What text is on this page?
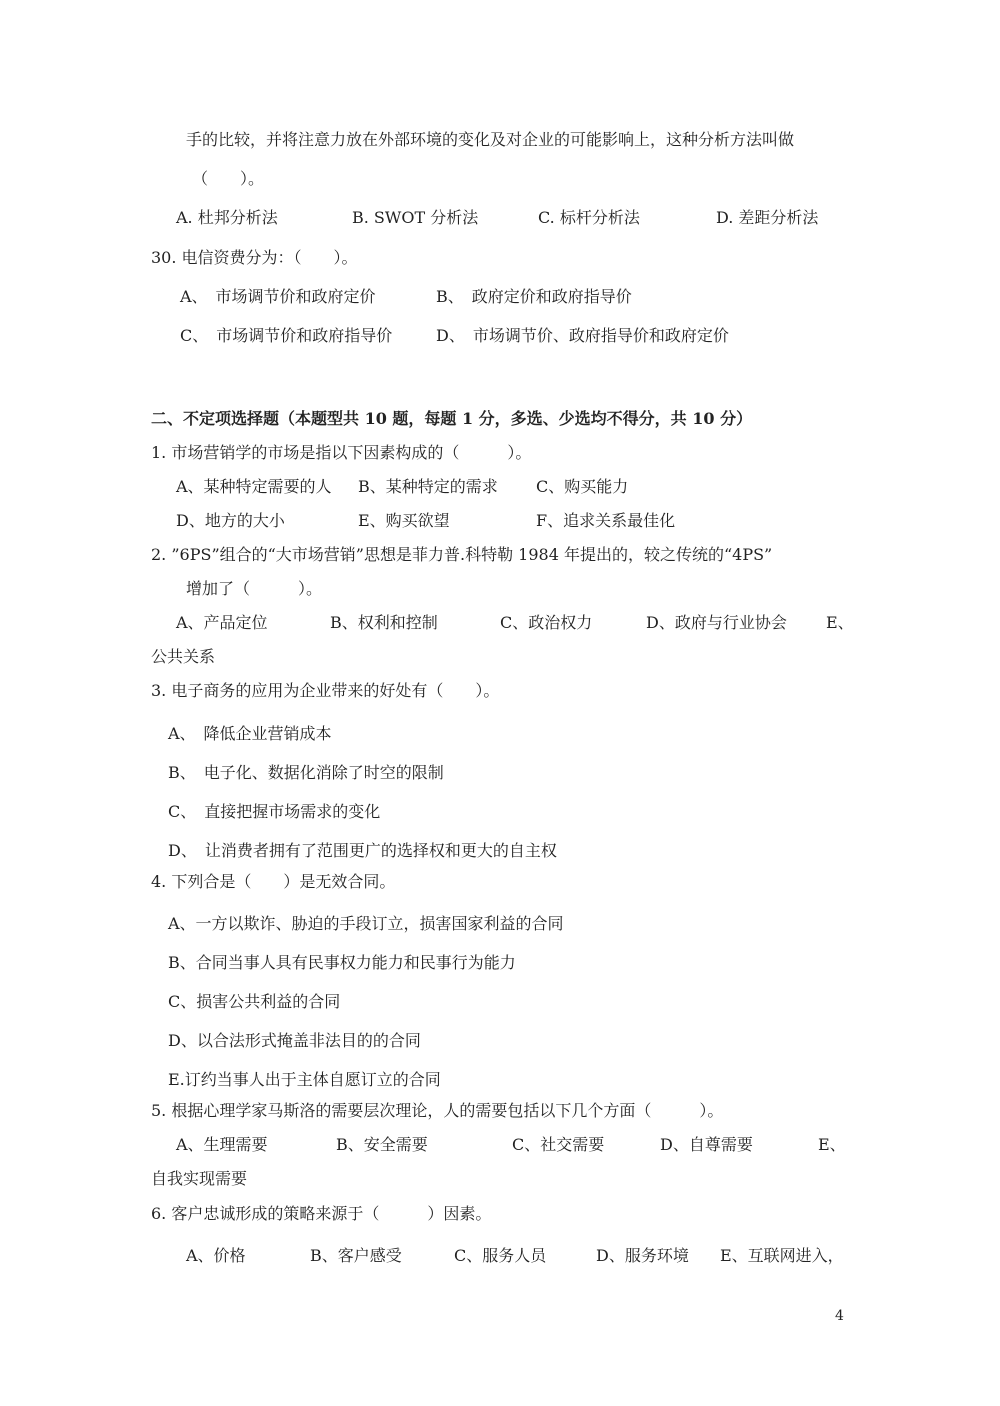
手的比较，并将注意力放在外部环境的变化及对企业的可能影响上，这种分析方法叫做
（　　）。
A. 杜邦分析法	B. SWOT 分析法	C. 标杆分析法	D. 差距分析法
30. 电信资费分为：（　　）。
A、　市场调节价和政府定价	B、　政府定价和政府指导价
C、　市场调节价和政府指导价	D、　市场调节价、政府指导价和政府定价
二、不定项选择题（本题型共 10 题，每题 1 分，多选、少选均不得分，共 10 分）
1. 市场营销学的市场是指以下因素构成的（　　　）。
A、某种特定需要的人 B、某种特定的需求 C、购买能力
D、地方的大小	E、购买欲望	F、追求关系最佳化
2. ”6PS”组合的“大市场营销”思想是菲力普.科特勒 1984 年提出的，较之传统的“4PS”
增加了（　　　）。
A、产品定位	B、权利和控制	C、政治权力	D、政府与行业协会 E、
公共关系
3. 电子商务的应用为企业带来的好处有（　　）。
A、　降低企业营销成本
B、　电子化、数据化消除了时空的限制
C、　直接把握市场需求的变化
D、　让消费者拥有了范围更广的选择权和更大的自主权
4. 下列合是（　　）是无效合同。
A、一方以欺诈、胁迫的手段订立，损害国家利益的合同
B、合同当事人具有民事权力能力和民事行为能力
C、损害公共利益的合同
D、以合法形式掩盖非法目的的合同
E.订约当事人出于主体自愿订立的合同
5. 根据心理学家马斯洛的需要层次理论，人的需要包括以下几个方面（　　　）。
A、生理需要	B、安全需要	C、社交需要	D、自尊需要	E、
自我实现需要
6. 客户忠诚形成的策略来源于（　　　）因素。
A、价格	B、客户感受	C、服务人员	D、服务环境 E、互联网进入，
4
